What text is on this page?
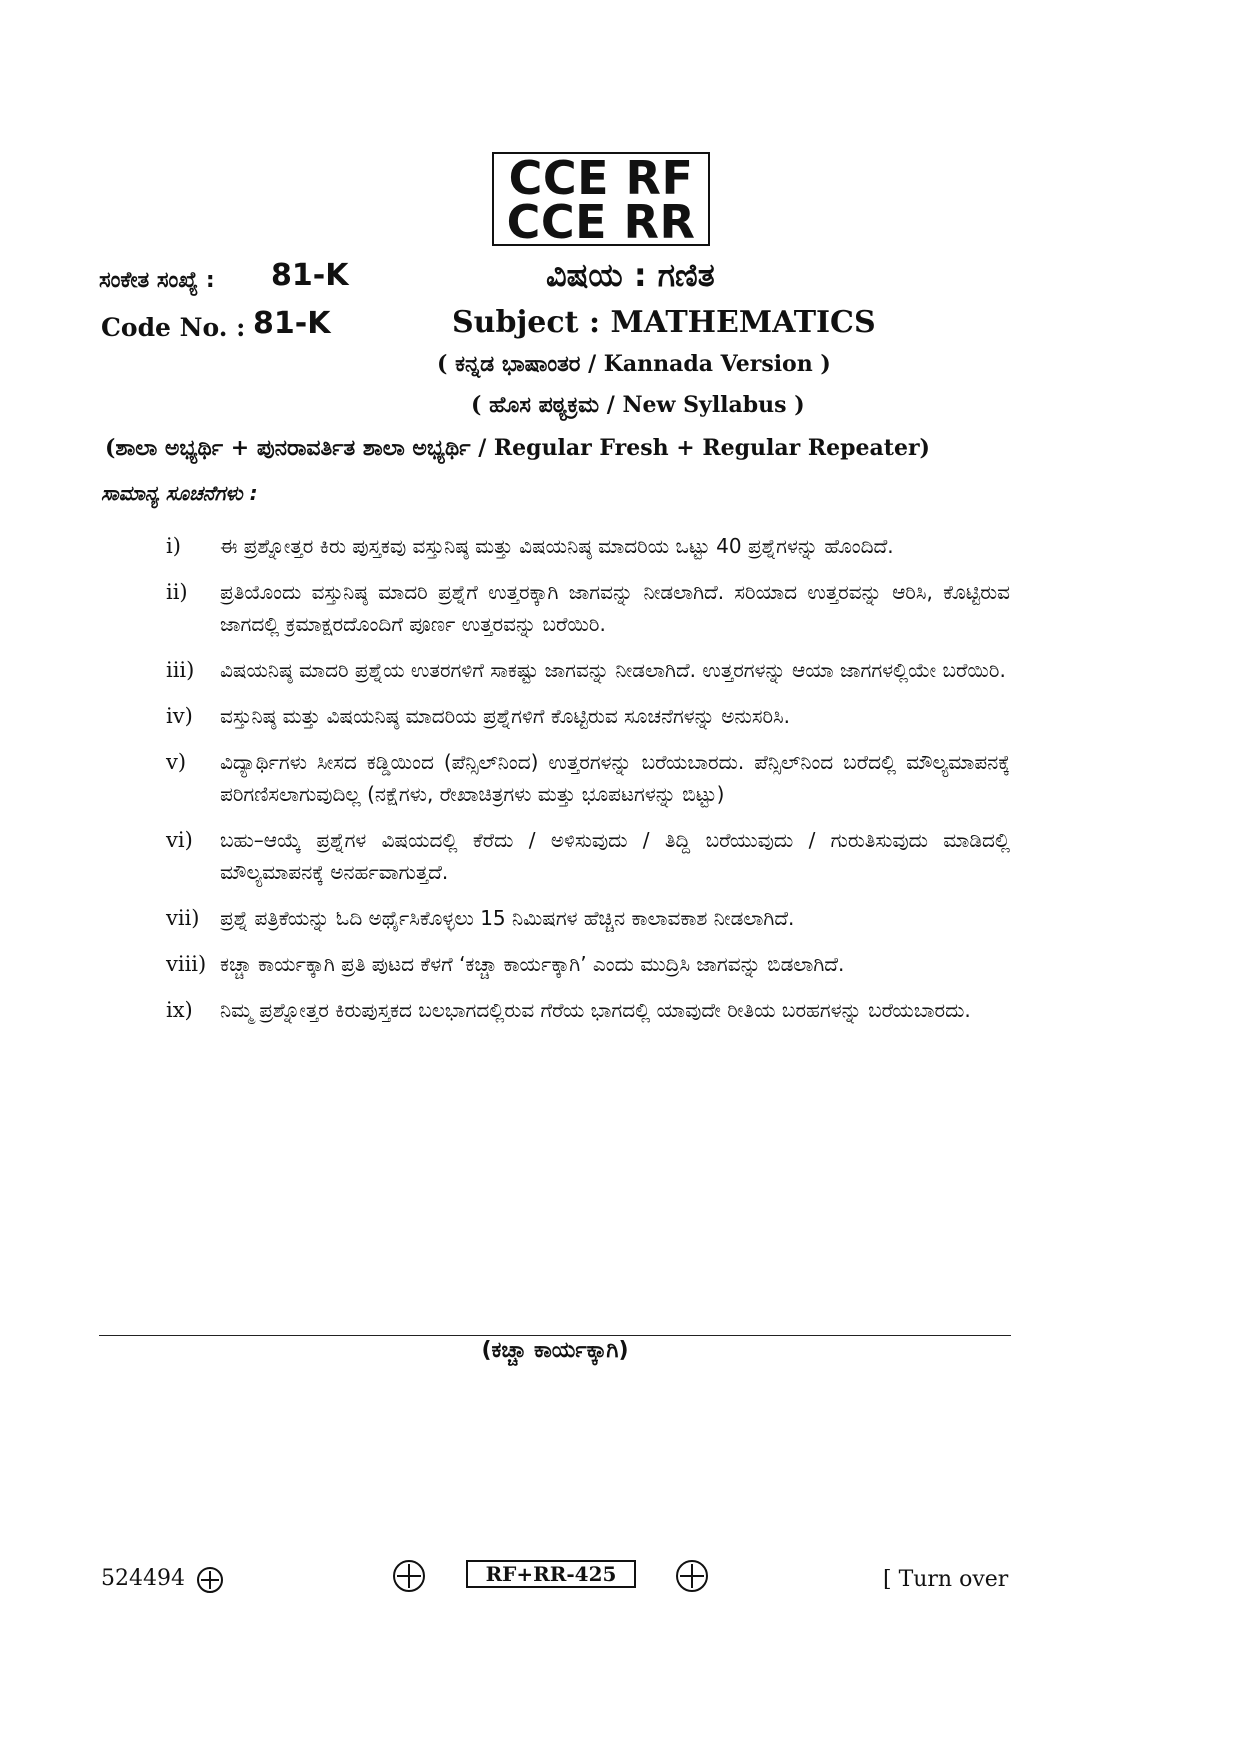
CCE RF
CCE RR
ಸಂಕೇತ ಸಂಖ್ಯೆ : 81-K	ವಿಷಯ : ಗಣಿತ
Code No. : 81-K	Subject : MATHEMATICS
( ಕನ್ನಡ ಭಾಷಾಂತರ / Kannada Version )
( ಹೊಸ ಪಠ್ಯಕ್ರಮ / New Syllabus )
(ಶಾಲಾ ಅಭ್ಯರ್ಥಿ + ಪುನರಾವರ್ತಿತ ಶಾಲಾ ಅಭ್ಯರ್ಥಿ / Regular Fresh + Regular Repeater)
ಸಾಮಾನ್ಯ ಸೂಚನೆಗಳು :
i) ಈ ಪ್ರಶ್ನೋತ್ತರ ಕಿರು ಪುಸ್ತಕವು ವಸ್ತುನಿಷ್ಠ ಮತ್ತು ವಿಷಯನಿಷ್ಠ ಮಾದರಿಯ ಒಟ್ಟು 40 ಪ್ರಶ್ನೆಗಳನ್ನು ಹೊಂದಿದೆ.
ii) ಪ್ರತಿಯೊಂದು ವಸ್ತುನಿಷ್ಠ ಮಾದರಿ ಪ್ರಶ್ನೆಗೆ ಉತ್ತರಕ್ಕಾಗಿ ಜಾಗವನ್ನು ನೀಡಲಾಗಿದೆ. ಸರಿಯಾದ ಉತ್ತರವನ್ನು ಆರಿಸಿ, ಕೊಟ್ಟಿರುವ ಜಾಗದಲ್ಲಿ ಕ್ರಮಾಕ್ಷರದೊಂದಿಗೆ ಪೂರ್ಣ ಉತ್ತರವನ್ನು ಬರೆಯಿರಿ.
iii) ವಿಷಯನಿಷ್ಠ ಮಾದರಿ ಪ್ರಶ್ನೆಯ ಉತರಗಳಿಗೆ ಸಾಕಷ್ಟು ಜಾಗವನ್ನು ನೀಡಲಾಗಿದೆ. ಉತ್ತರಗಳನ್ನು ಆಯಾ ಜಾಗಗಳಲ್ಲಿಯೇ ಬರೆಯಿರಿ.
iv) ವಸ್ತುನಿಷ್ಠ ಮತ್ತು ವಿಷಯನಿಷ್ಠ ಮಾದರಿಯ ಪ್ರಶ್ನೆಗಳಿಗೆ ಕೊಟ್ಟಿರುವ ಸೂಚನೆಗಳನ್ನು ಅನುಸರಿಸಿ.
v) ವಿದ್ಯಾರ್ಥಿಗಳು ಸೀಸದ ಕಡ್ಡಿಯಿಂದ (ಪೆನ್ಸಿಲ್‌ನಿಂದ) ಉತ್ತರಗಳನ್ನು ಬರೆಯಬಾರದು. ಪೆನ್ಸಿಲ್‌ನಿಂದ ಬರೆದಲ್ಲಿ ಮೌಲ್ಯಮಾಪನಕ್ಕೆ ಪರಿಗಣಿಸಲಾಗುವುದಿಲ್ಲ (ನಕ್ಷೆಗಳು, ರೇಖಾಚಿತ್ರಗಳು ಮತ್ತು ಭೂಪಟಗಳನ್ನು ಬಿಟ್ಟು)
vi) ಬಹು–ಆಯ್ಕೆ ಪ್ರಶ್ನೆಗಳ ವಿಷಯದಲ್ಲಿ ಕೆರೆದು / ಅಳಿಸುವುದು / ತಿದ್ದಿ ಬರೆಯುವುದು / ಗುರುತಿಸುವುದು ಮಾಡಿದಲ್ಲಿ ಮೌಲ್ಯಮಾಪನಕ್ಕೆ ಅನರ್ಹವಾಗುತ್ತದೆ.
vii) ಪ್ರಶ್ನೆ ಪತ್ರಿಕೆಯನ್ನು ಓದಿ ಅರ್ಥೈಸಿಕೊಳ್ಳಲು 15 ನಿಮಿಷಗಳ ಹೆಚ್ಚಿನ ಕಾಲಾವಕಾಶ ನೀಡಲಾಗಿದೆ.
viii) ಕಚ್ಚಾ ಕಾರ್ಯಕ್ಕಾಗಿ ಪ್ರತಿ ಪುಟದ ಕೆಳಗೆ ‘ಕಚ್ಚಾ ಕಾರ್ಯಕ್ಕಾಗಿ’ ಎಂದು ಮುದ್ರಿಸಿ ಜಾಗವನ್ನು ಬಿಡಲಾಗಿದೆ.
ix) ನಿಮ್ಮ ಪ್ರಶ್ನೋತ್ತರ ಕಿರುಪುಸ್ತಕದ ಬಲಭಾಗದಲ್ಲಿರುವ ಗೆರೆಯ ಭಾಗದಲ್ಲಿ ಯಾವುದೇ ರೀತಿಯ ಬರಹಗಳನ್ನು ಬರೆಯಬಾರದು.
(ಕಚ್ಚಾ ಕಾರ್ಯಕ್ಕಾಗಿ)
524494	RF+RR-425	[ Turn over
